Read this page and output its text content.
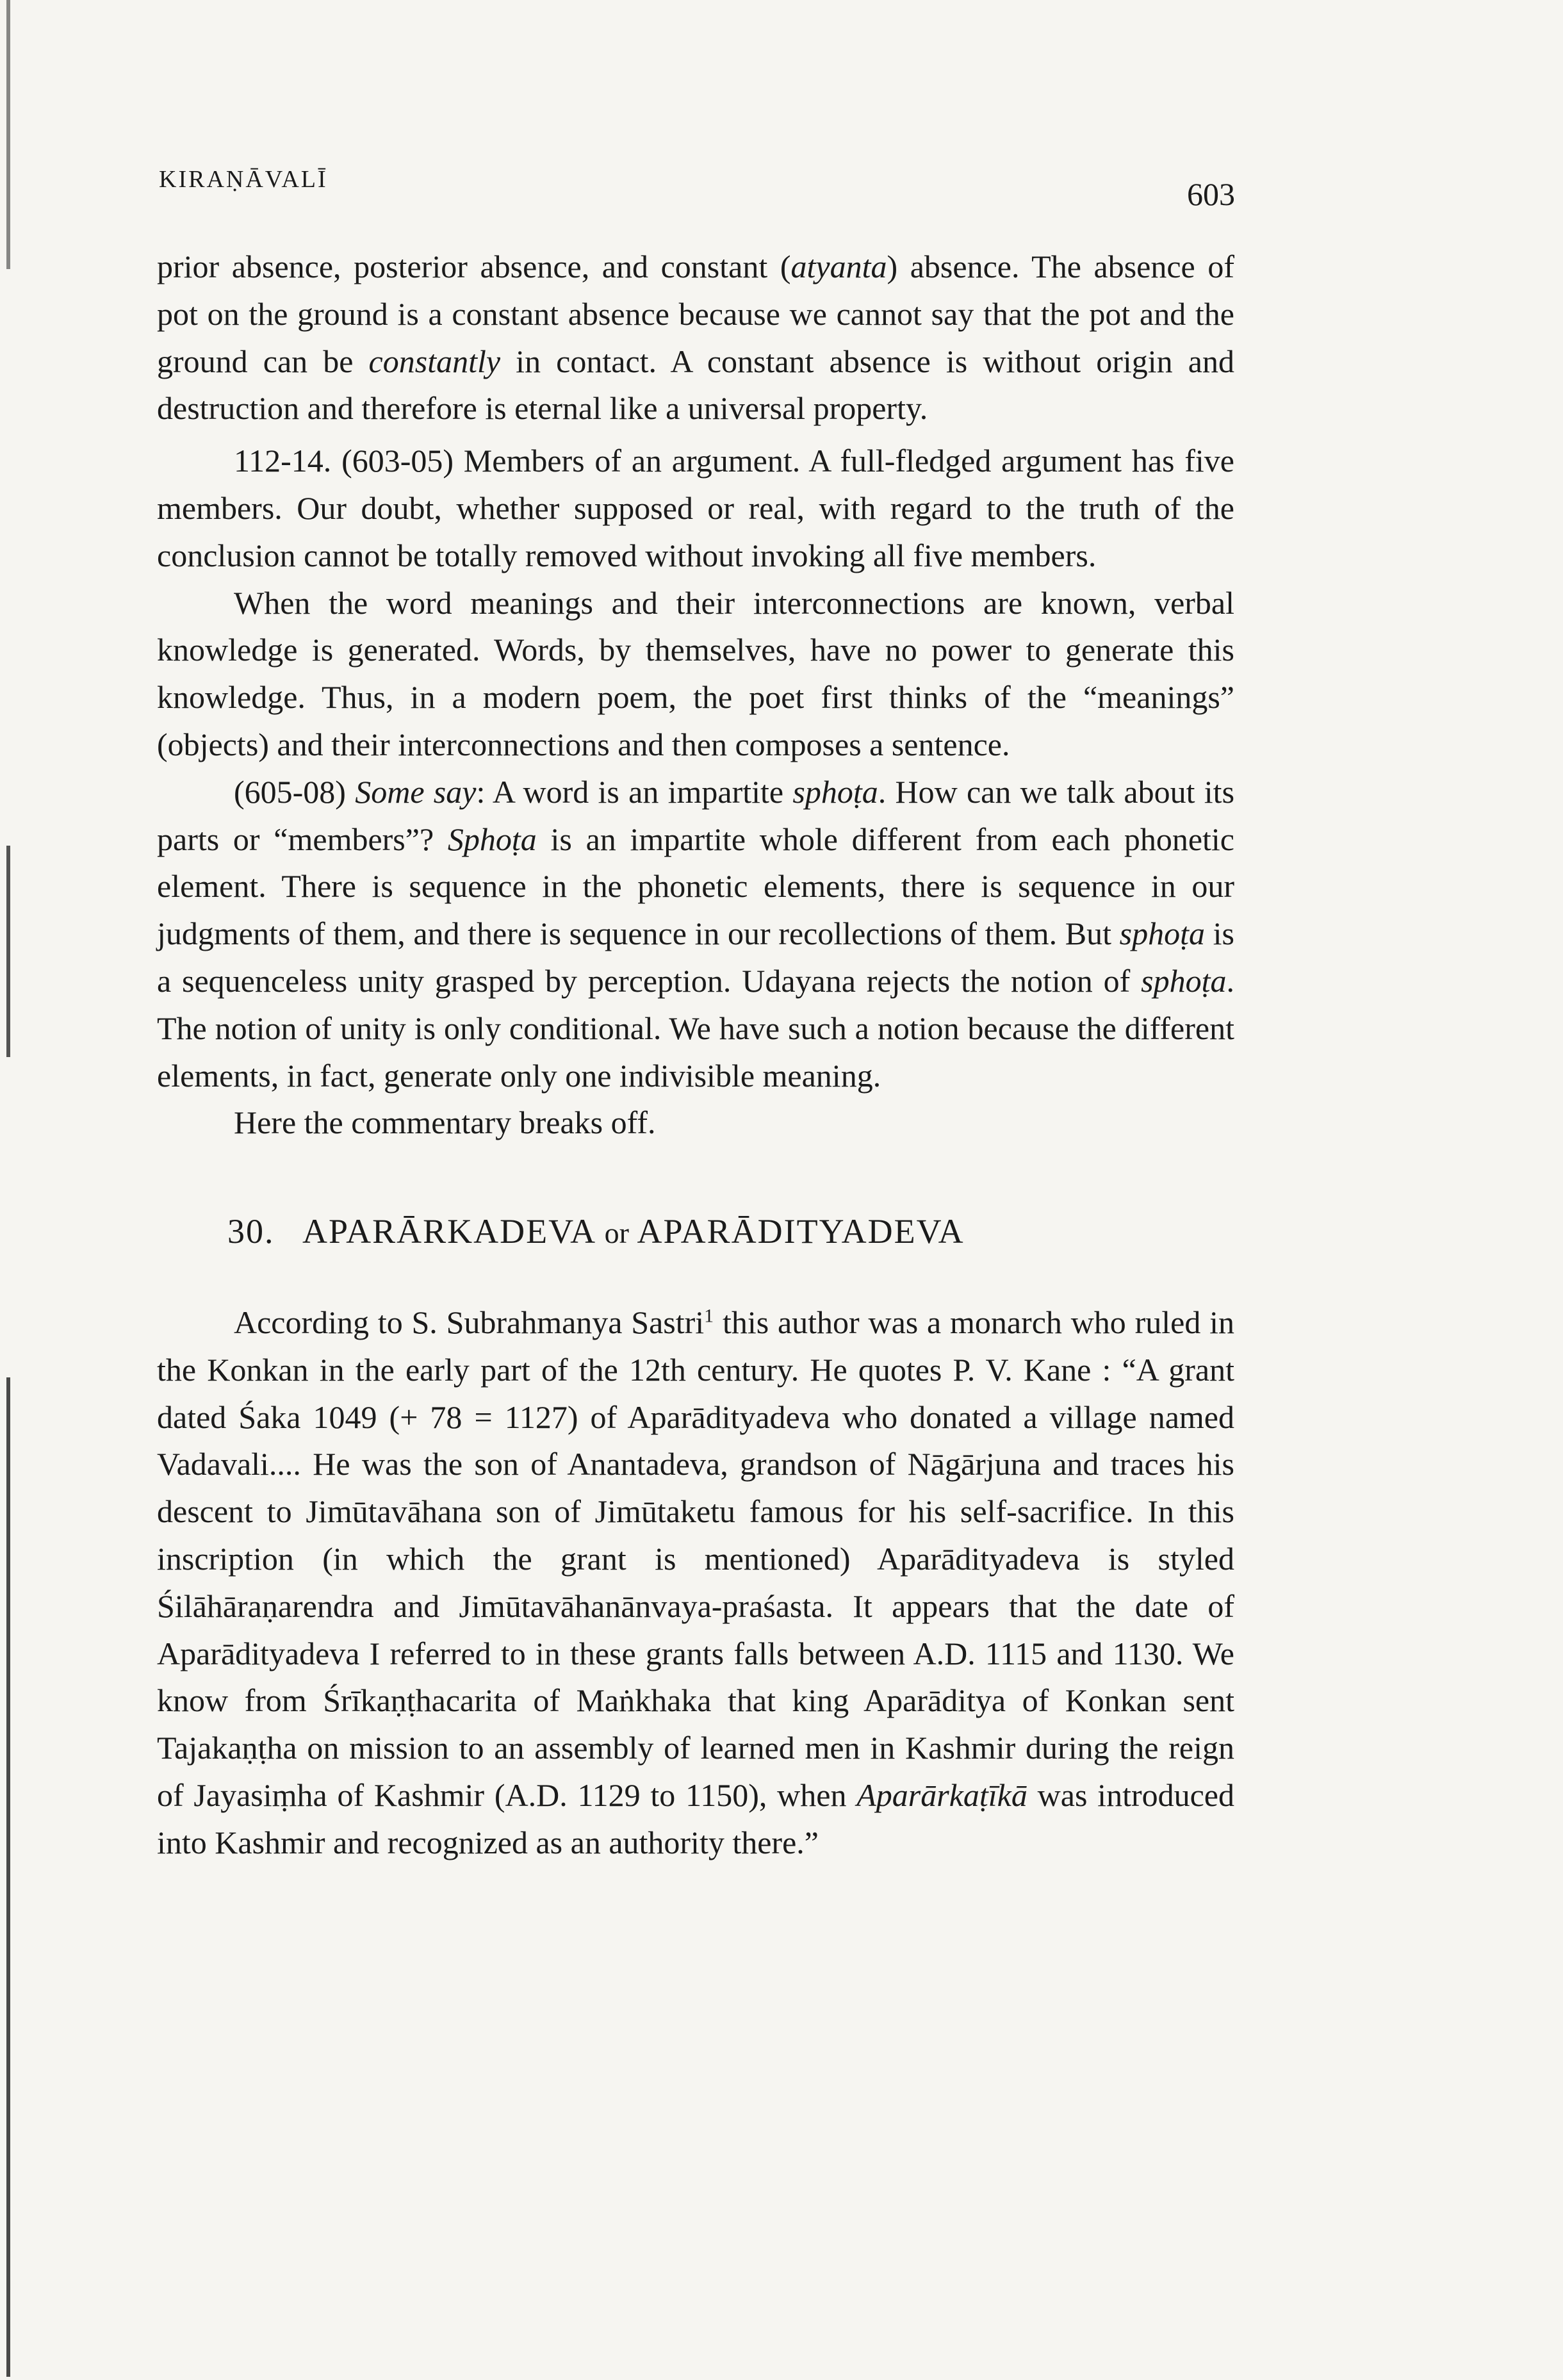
KIRAṆĀVALĪ	603

prior absence, posterior absence, and constant (atyanta) absence. The absence of pot on the ground is a constant absence because we cannot say that the pot and the ground can be constantly in contact. A constant absence is without origin and destruction and therefore is eternal like a universal property.

112-14. (603-05) Members of an argument. A full-fledged argument has five members. Our doubt, whether supposed or real, with regard to the truth of the conclusion cannot be totally removed without invoking all five members.

When the word meanings and their interconnections are known, verbal knowledge is generated. Words, by themselves, have no power to generate this knowledge. Thus, in a modern poem, the poet first thinks of the “meanings” (objects) and their interconnections and then composes a sentence.

(605-08) Some say: A word is an impartite sphoṭa. How can we talk about its parts or “members”? Sphoṭa is an impartite whole different from each phonetic element. There is sequence in the phonetic elements, there is sequence in our judgments of them, and there is sequence in our recollections of them. But sphoṭa is a sequenceless unity grasped by perception. Udayana rejects the notion of sphoṭa. The notion of unity is only conditional. We have such a notion because the different elements, in fact, generate only one indivisible meaning.

Here the commentary breaks off.

30. APARĀRKADEVA or APARĀDITYADEVA

According to S. Subrahmanya Sastri$^1$ this author was a monarch who ruled in the Konkan in the early part of the 12th century. He quotes P. V. Kane : “A grant dated Śaka 1049 (+ 78 = 1127) of Aparādityadeva who donated a village named Vadavali.... He was the son of Anantadeva, grandson of Nāgārjuna and traces his descent to Jimūtavāhana son of Jimūtaketu famous for his self-sacrifice. In this inscription (in which the grant is mentioned) Aparādityadeva is styled Śilāhāraṇarendra and Jimūtavāhanānvaya-praśasta. It appears that the date of Aparādityadeva I referred to in these grants falls between A.D. 1115 and 1130. We know from Śrīkaṇṭhacarita of Maṅkhaka that king Aparāditya of Konkan sent Tajakaṇṭha on mission to an assembly of learned men in Kashmir during the reign of Jayasiṃha of Kashmir (A.D. 1129 to 1150), when Aparārkaṭīkā was introduced into Kashmir and recognized as an authority there.”
